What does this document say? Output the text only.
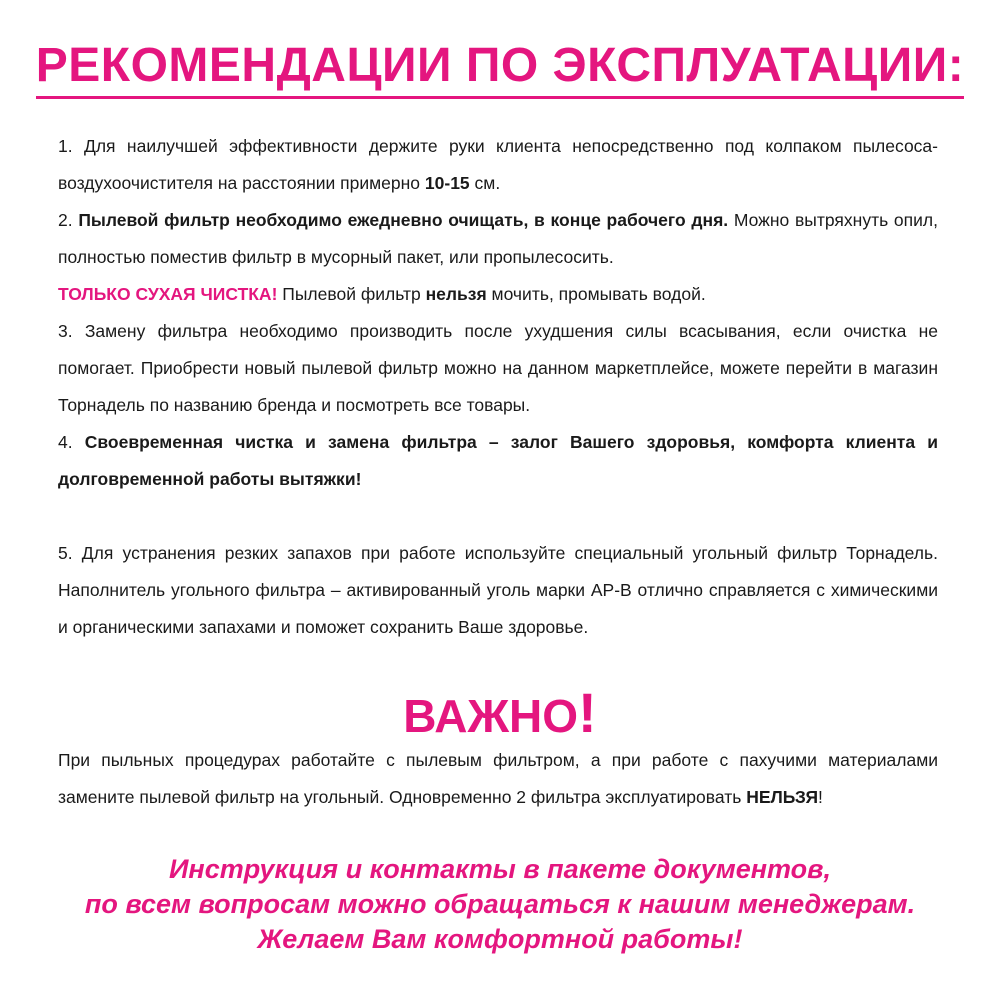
РЕКОМЕНДАЦИИ ПО ЭКСПЛУАТАЦИИ:

1. Для наилучшей эффективности держите руки клиента непосредственно под колпаком пылесоса-воздухоочистителя на расстоянии примерно 10-15 см.

2. Пылевой фильтр необходимо ежедневно очищать, в конце рабочего дня. Можно вытряхнуть опил, полностью поместив фильтр в мусорный пакет, или пропылесосить.

ТОЛЬКО СУХАЯ ЧИСТКА! Пылевой фильтр нельзя мочить, промывать водой.

3. Замену фильтра необходимо производить после ухудшения силы всасывания, если очистка не помогает. Приобрести новый пылевой фильтр можно на данном маркетплейсе, можете перейти в магазин Торнадель по названию бренда и посмотреть все товары.

4. Своевременная чистка и замена фильтра – залог Вашего здоровья, комфорта клиента и долговременной работы вытяжки!

5. Для устранения резких запахов при работе используйте специальный угольный фильтр Торнадель. Наполнитель угольного фильтра – активированный уголь марки АР-В отлично справляется с химическими и органическими запахами и поможет сохранить Ваше здоровье.

ВАЖНО!

При пыльных процедурах работайте с пылевым фильтром, а при работе с пахучими материалами замените пылевой фильтр на угольный. Одновременно 2 фильтра эксплуатировать НЕЛЬЗЯ!

Инструкция и контакты в пакете документов,

по всем вопросам можно обращаться к нашим менеджерам.

Желаем Вам комфортной работы!
